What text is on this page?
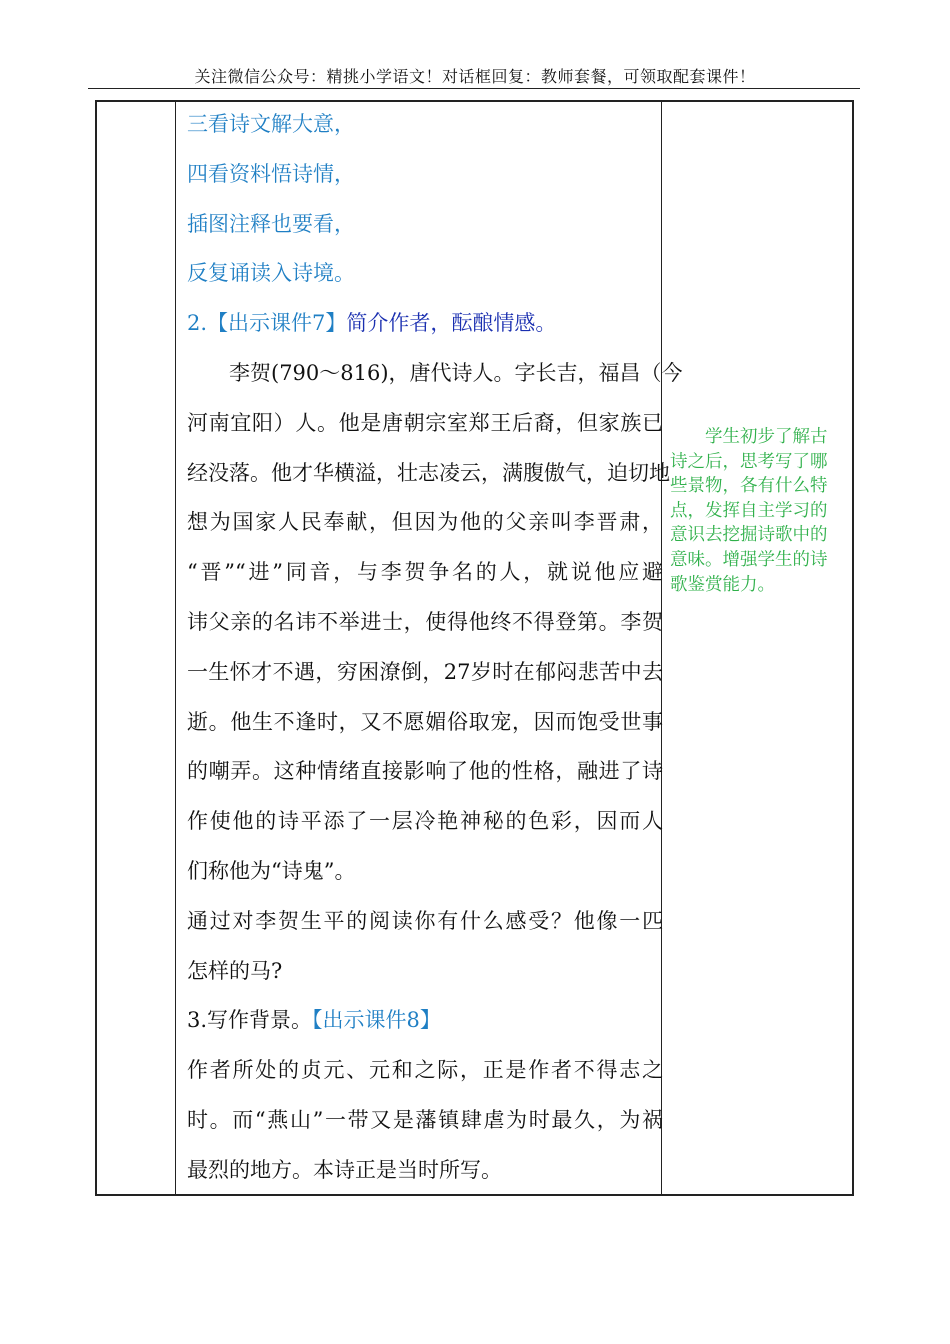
关注微信公众号：精挑小学语文！对话框回复：教师套餐，可领取配套课件！
三看诗文解大意，
四看资料悟诗情，
插图注释也要看，
反复诵读入诗境。
2.【出示课件7】简介作者，酝酿情感。
李贺(790～816)，唐代诗人。字长吉，福昌（今
河南宜阳）人。他是唐朝宗室郑王后裔，但家族已
经没落。他才华横溢，壮志凌云，满腹傲气，迫切地
想为国家人民奉献，但因为他的父亲叫李晋肃，
“晋”“进”同音，与李贺争名的人，就说他应避
讳父亲的名讳不举进士，使得他终不得登第。李贺
一生怀才不遇，穷困潦倒，27岁时在郁闷悲苦中去
逝。他生不逢时，又不愿媚俗取宠，因而饱受世事
的嘲弄。这种情绪直接影响了他的性格，融进了诗
作使他的诗平添了一层冷艳神秘的色彩，因而人
们称他为“诗鬼”。
通过对李贺生平的阅读你有什么感受？他像一匹
怎样的马?
3.写作背景。【出示课件8】
作者所处的贞元、元和之际，正是作者不得志之
时。而“燕山”一带又是藩镇肆虐为时最久，为祸
最烈的地方。本诗正是当时所写。
　　学生初步了解古
诗之后，思考写了哪
些景物，各有什么特
点，发挥自主学习的
意识去挖掘诗歌中的
意味。增强学生的诗
歌鉴赏能力。
